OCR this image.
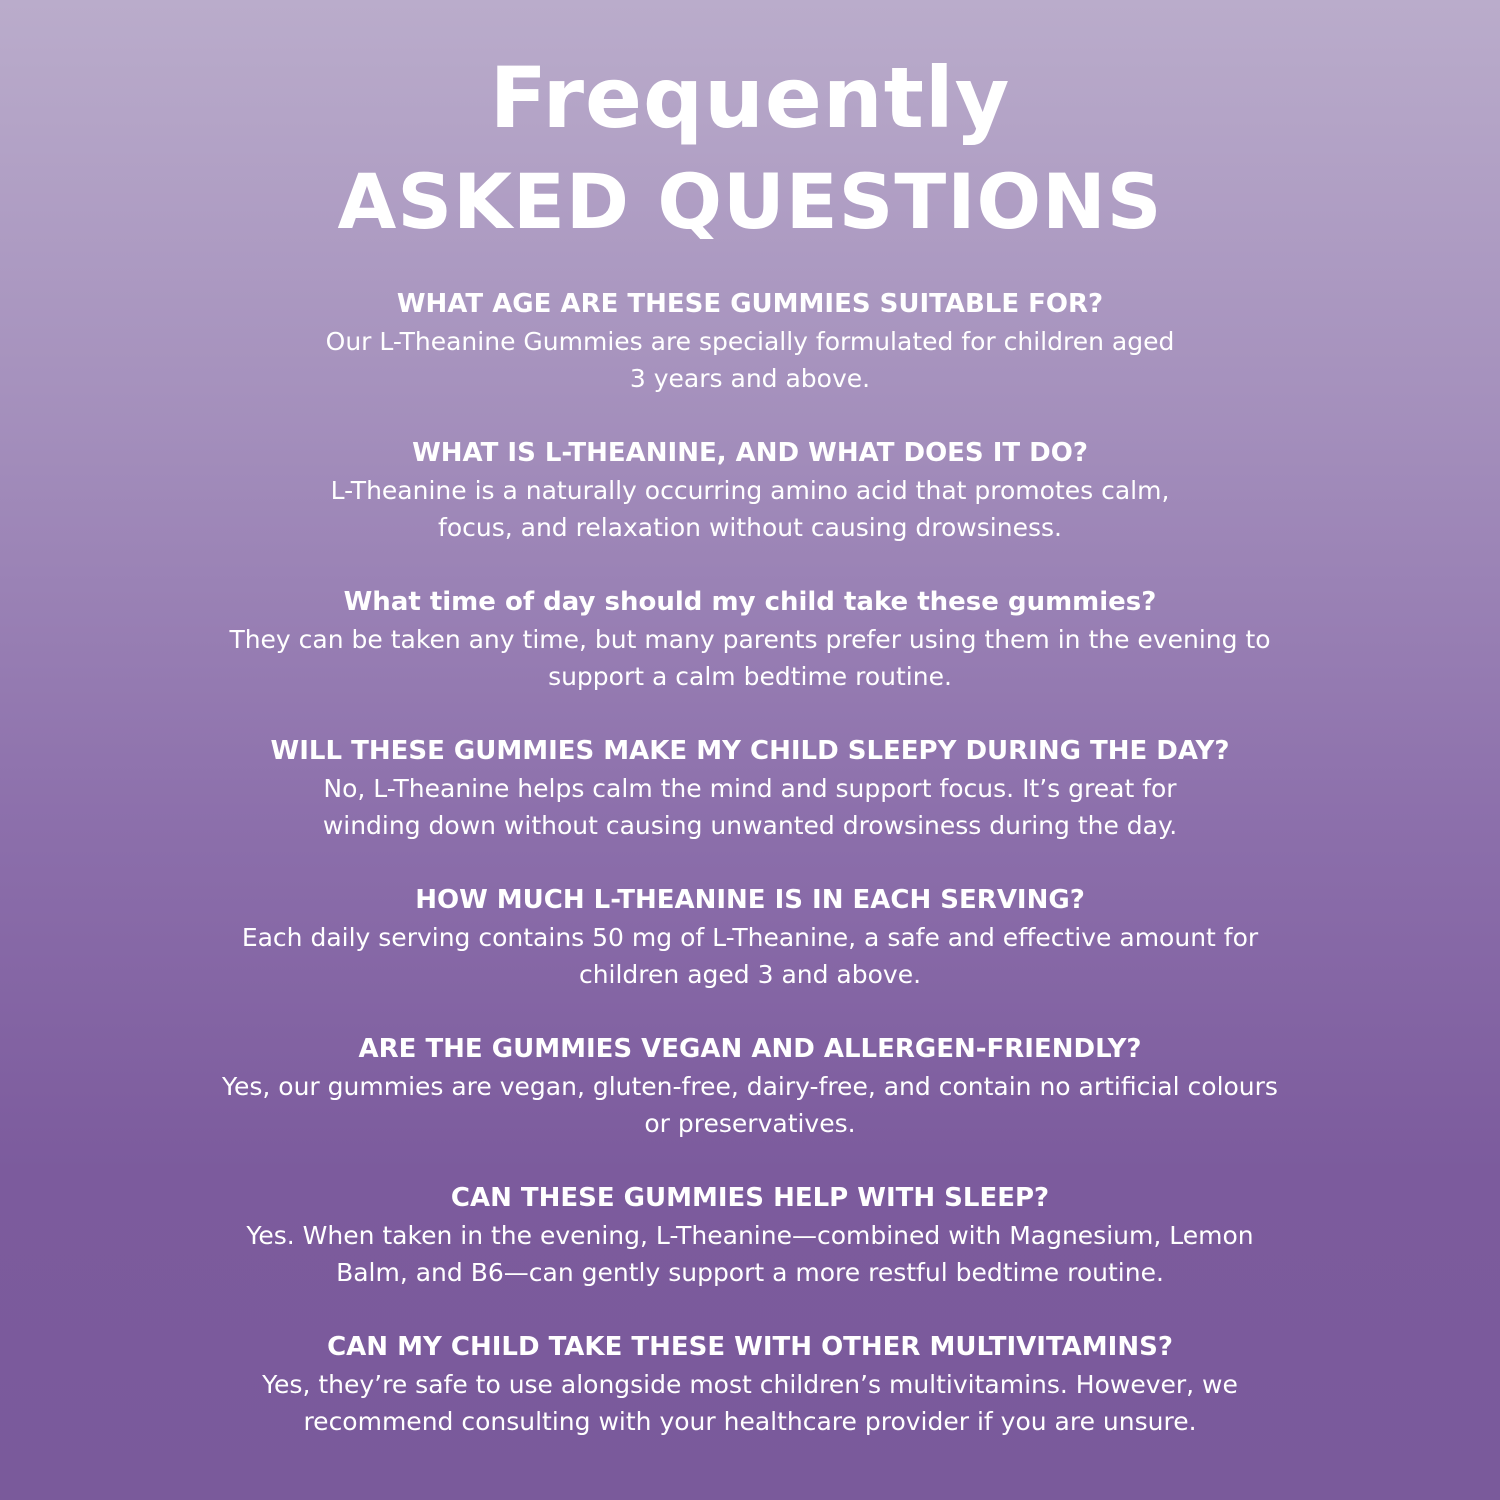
Frequently
ASKED QUESTIONS

WHAT AGE ARE THESE GUMMIES SUITABLE FOR?

Our L-Theanine Gummies are specially formulated for children aged
3 years and above.

WHAT IS L-THEANINE, AND WHAT DOES IT DO?

L-Theanine is a naturally occurring amino acid that promotes calm,
focus, and relaxation without causing drowsiness.

What time of day should my child take these gummies?

They can be taken any time, but many parents prefer using them in the evening to
support a calm bedtime routine.

WILL THESE GUMMIES MAKE MY CHILD SLEEPY DURING THE DAY?

No, L-Theanine helps calm the mind and support focus. It’s great for
winding down without causing unwanted drowsiness during the day.

HOW MUCH L-THEANINE IS IN EACH SERVING?

Each daily serving contains 50 mg of L-Theanine, a safe and effective amount for
children aged 3 and above.

ARE THE GUMMIES VEGAN AND ALLERGEN-FRIENDLY?

Yes, our gummies are vegan, gluten-free, dairy-free, and contain no artificial colours
or preservatives.

CAN THESE GUMMIES HELP WITH SLEEP?

Yes. When taken in the evening, L-Theanine—combined with Magnesium, Lemon
Balm, and B6—can gently support a more restful bedtime routine.

CAN MY CHILD TAKE THESE WITH OTHER MULTIVITAMINS?

Yes, they’re safe to use alongside most children’s multivitamins. However, we
recommend consulting with your healthcare provider if you are unsure.
